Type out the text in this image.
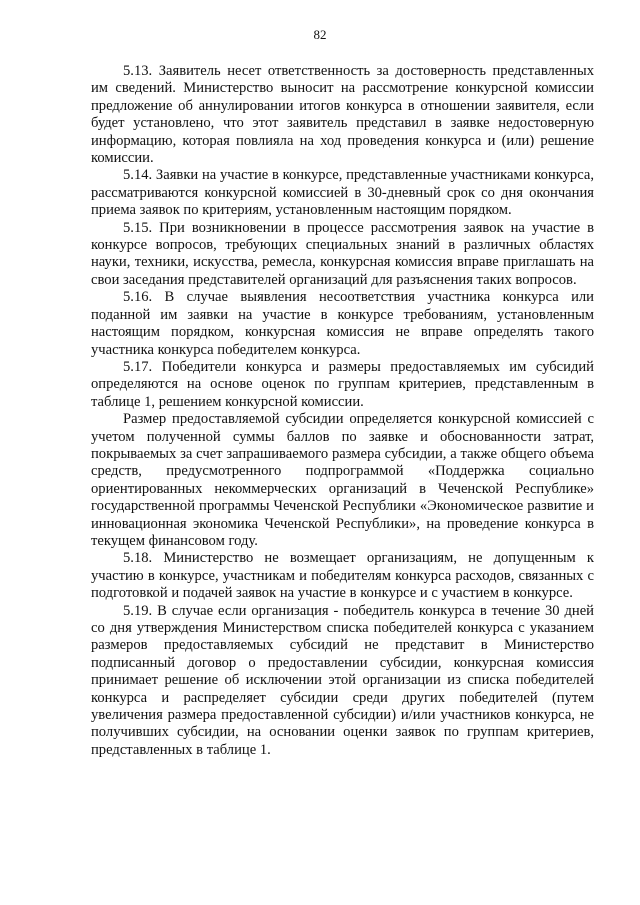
82

5.13. Заявитель несет ответственность за достоверность представленных им сведений. Министерство выносит на рассмотрение конкурсной комиссии предложение об аннулировании итогов конкурса в отношении заявителя, если будет установлено, что этот заявитель представил в заявке недостоверную информацию, которая повлияла на ход проведения конкурса и (или) решение комиссии.

5.14. Заявки на участие в конкурсе, представленные участниками конкурса, рассматриваются конкурсной комиссией в 30-дневный срок со дня окончания приема заявок по критериям, установленным настоящим порядком.

5.15. При возникновении в процессе рассмотрения заявок на участие в конкурсе вопросов, требующих специальных знаний в различных областях науки, техники, искусства, ремесла, конкурсная комиссия вправе приглашать на свои заседания представителей организаций для разъяснения таких вопросов.

5.16. В случае выявления несоответствия участника конкурса или поданной им заявки на участие в конкурсе требованиям, установленным настоящим порядком, конкурсная комиссия не вправе определять такого участника конкурса победителем конкурса.

5.17. Победители конкурса и размеры предоставляемых им субсидий определяются на основе оценок по группам критериев, представленным в таблице 1, решением конкурсной комиссии.

Размер предоставляемой субсидии определяется конкурсной комиссией с учетом полученной суммы баллов по заявке и обоснованности затрат, покрываемых за счет запрашиваемого размера субсидии, а также общего объема средств, предусмотренного подпрограммой «Поддержка социально ориентированных некоммерческих организаций в Чеченской Республике» государственной программы Чеченской Республики «Экономическое развитие и инновационная экономика Чеченской Республики», на проведение конкурса в текущем финансовом году.

5.18. Министерство не возмещает организациям, не допущенным к участию в конкурсе, участникам и победителям конкурса расходов, связанных с подготовкой и подачей заявок на участие в конкурсе и с участием в конкурсе.

5.19. В случае если организация - победитель конкурса в течение 30 дней со дня утверждения Министерством списка победителей конкурса с указанием размеров предоставляемых субсидий не представит в Министерство подписанный договор о предоставлении субсидии, конкурсная комиссия принимает решение об исключении этой организации из списка победителей конкурса и распределяет субсидии среди других победителей (путем увеличения размера предоставленной субсидии) и/или участников конкурса, не получивших субсидии, на основании оценки заявок по группам критериев, представленных в таблице 1.
